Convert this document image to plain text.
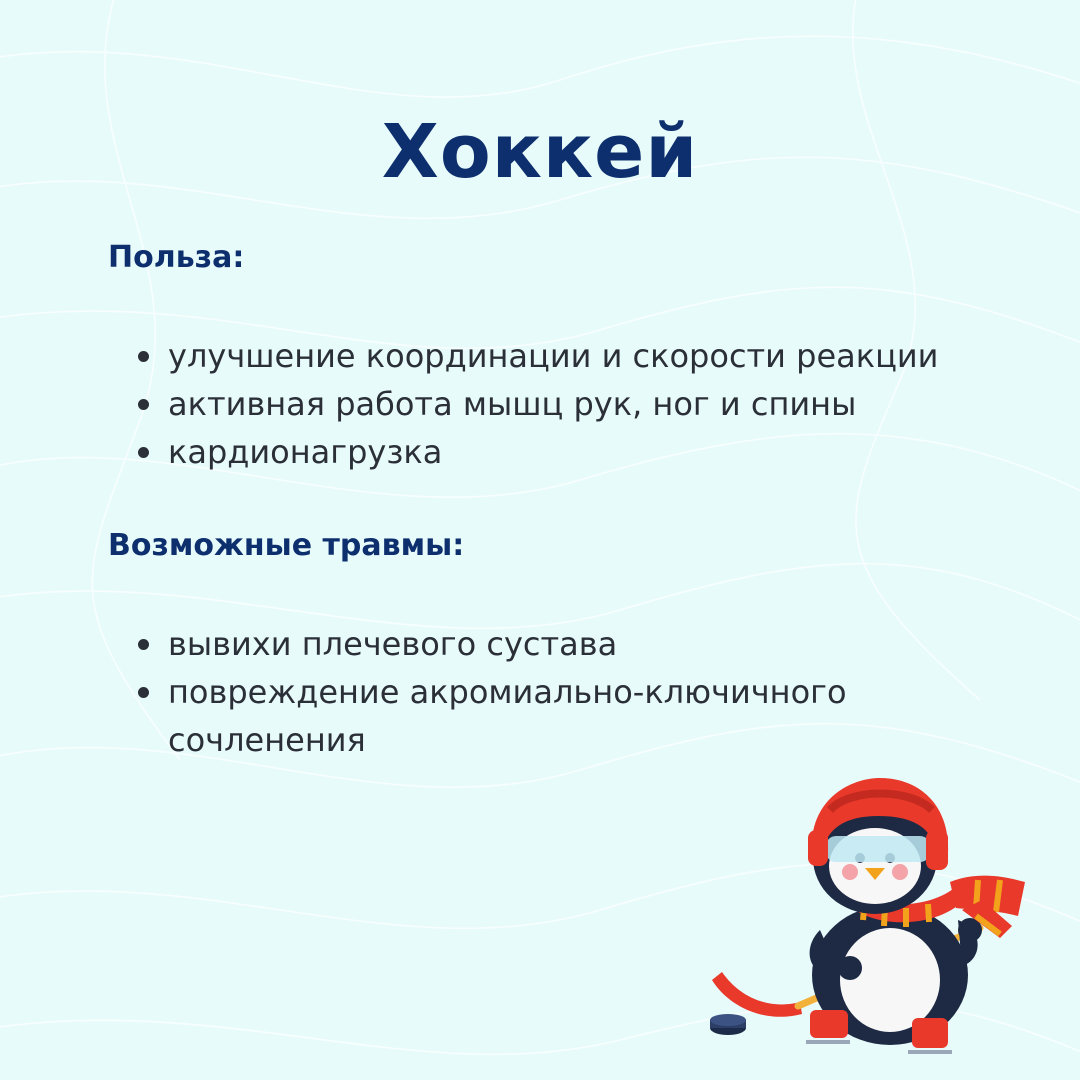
Хоккей
Польза:
улучшение координации и скорости реакции
активная работа мышц рук, ног и спины
кардионагрузка
Возможные травмы:
вывихи плечевого сустава
повреждение акромиально-ключичного сочленения
